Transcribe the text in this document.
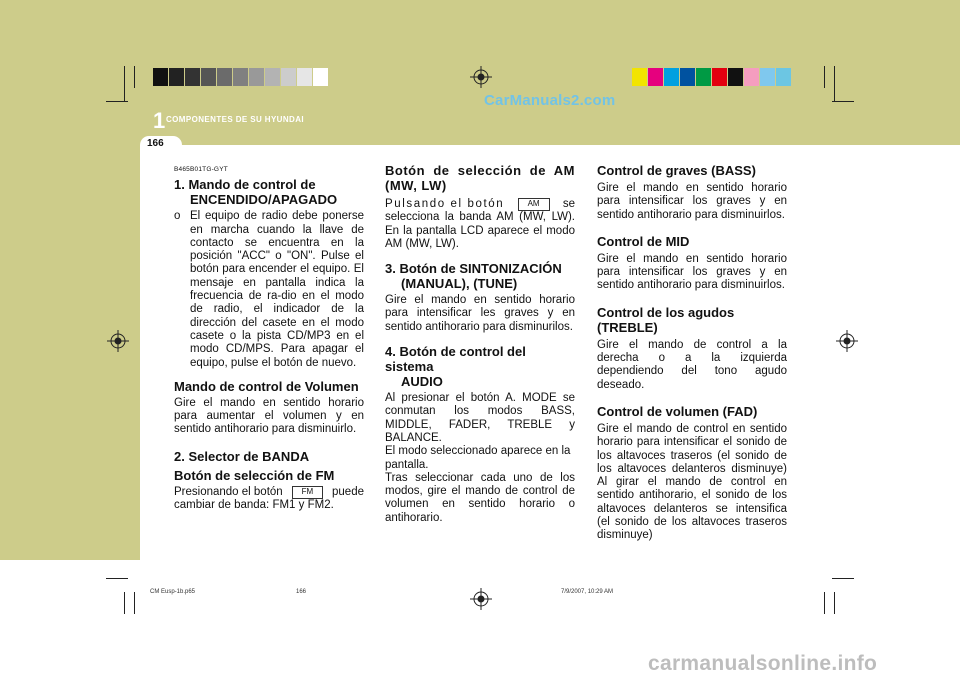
CarManuals2.com
1 COMPONENTES DE SU HYUNDAI
166

B465B01TG-GYT

1. Mando de control de

ENCENDIDO/APAGADO

o El equipo de radio debe ponerse en marcha cuando la llave de contacto se encuentra en la posición "ACC" o "ON". Pulse el botón para encender el equipo. El mensaje en pantalla indica la frecuencia de ra-dio en el modo de radio, el indicador de la dirección del casete en el modo casete o la pista CD/MP3 en el modo CD/MPS. Para apagar el equipo, pulse el botón de nuevo.

Mando de control de Volumen

Gire el mando en sentido horario para aumentar el volumen y en sentido antihorario para disminuirlo.

2. Selector de BANDA

Botón de selección de FM

Presionando el botón	FM	puede

cambiar de banda: FM1 y FM2.

Botón de selección de AM (MW, LW)

Pulsando el botón	AM	se

selecciona la banda AM (MW, LW). En la pantalla LCD aparece el modo AM (MW, LW).

3. Botón de SINTONIZACIÓN

(MANUAL), (TUNE)

Gire el mando en sentido horario para intensificar les graves y en sentido antihorario para disminurilos.

4. Botón de control del sistema

AUDIO

Al presionar el botón A. MODE se conmutan los modos BASS, MIDDLE, FADER, TREBLE y BALANCE.

El modo seleccionado aparece en la pantalla.

Tras seleccionar cada uno de los modos, gire el mando de control de volumen en sentido horario o antihorario.

Control de graves (BASS)

Gire el mando en sentido horario para intensificar los graves y en sentido antihorario para disminuirlos.

Control de MID

Gire el mando en sentido horario para intensificar los graves y en sentido antihorario para disminuirlos.

Control de los agudos (TREBLE)

Gire el mando de control a la derecha o a la izquierda dependiendo del tono agudo deseado.

Control de volumen (FAD)

Gire el mando de control en sentido horario para intensificar el sonido de los altavoces traseros (el sonido de los altavoces delanteros disminuye) Al girar el mando de control en sentido antihorario, el sonido de los altavoces delanteros se intensifica (el sonido de los altavoces traseros disminuye)

CM Eusp-1b.p65	166	7/9/2007, 10:29 AM
carmanualsonline.info
